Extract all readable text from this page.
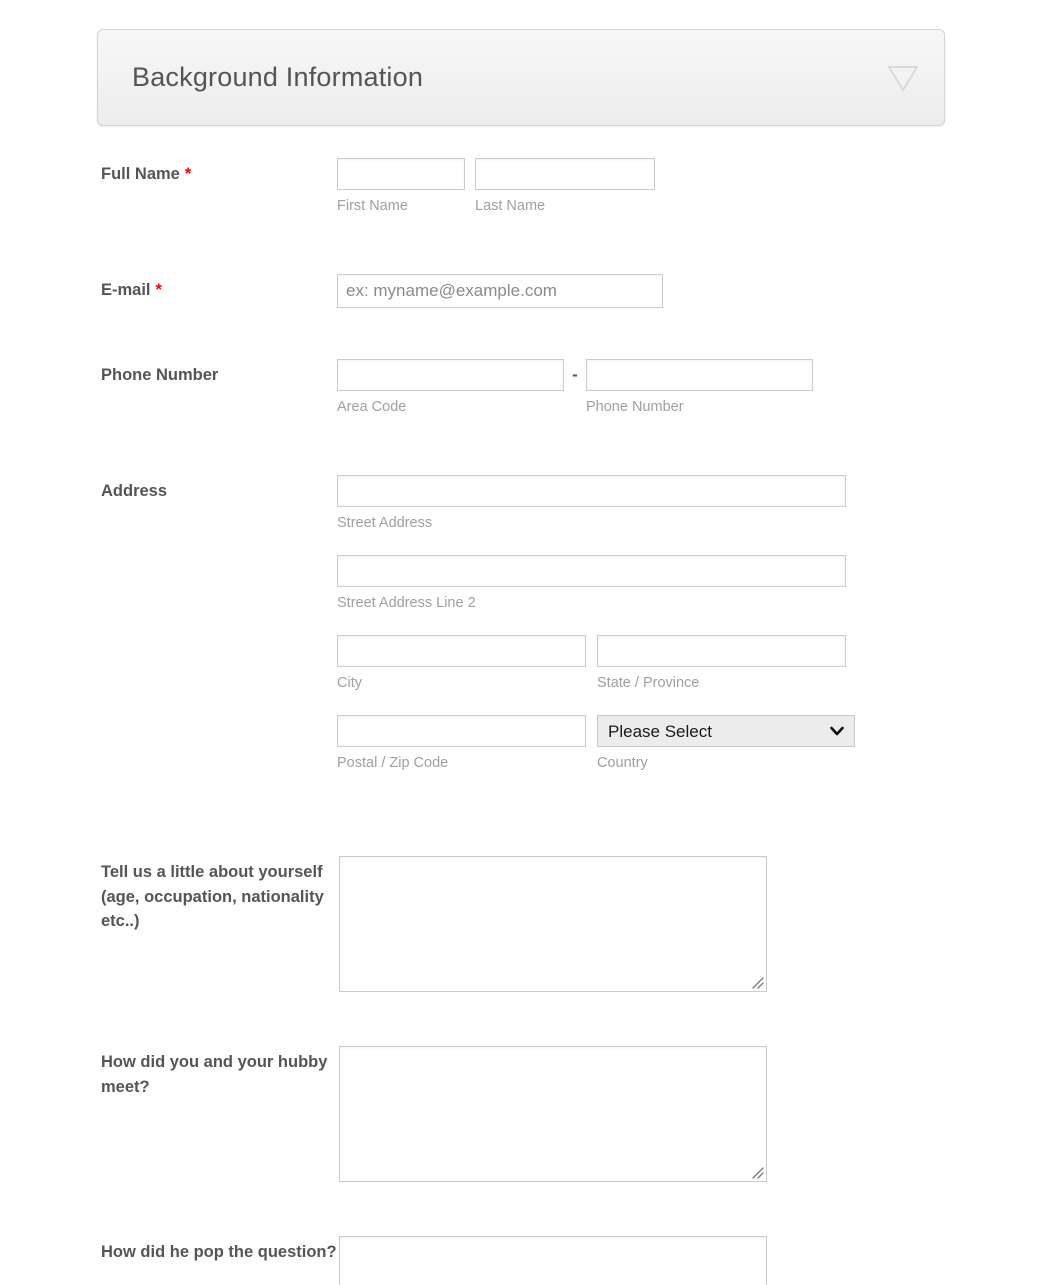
Background Information
Full Name *
First Name	Last Name
E-mail *
ex: myname@example.com
Phone Number
Area Code
-
Phone Number
Address
Street Address
Street Address Line 2
City	State / Province
Postal / Zip Code
Please Select	Country
Tell us a little about yourself (age, occupation, nationality etc..)
How did you and your hubby meet?
How did he pop the question?
